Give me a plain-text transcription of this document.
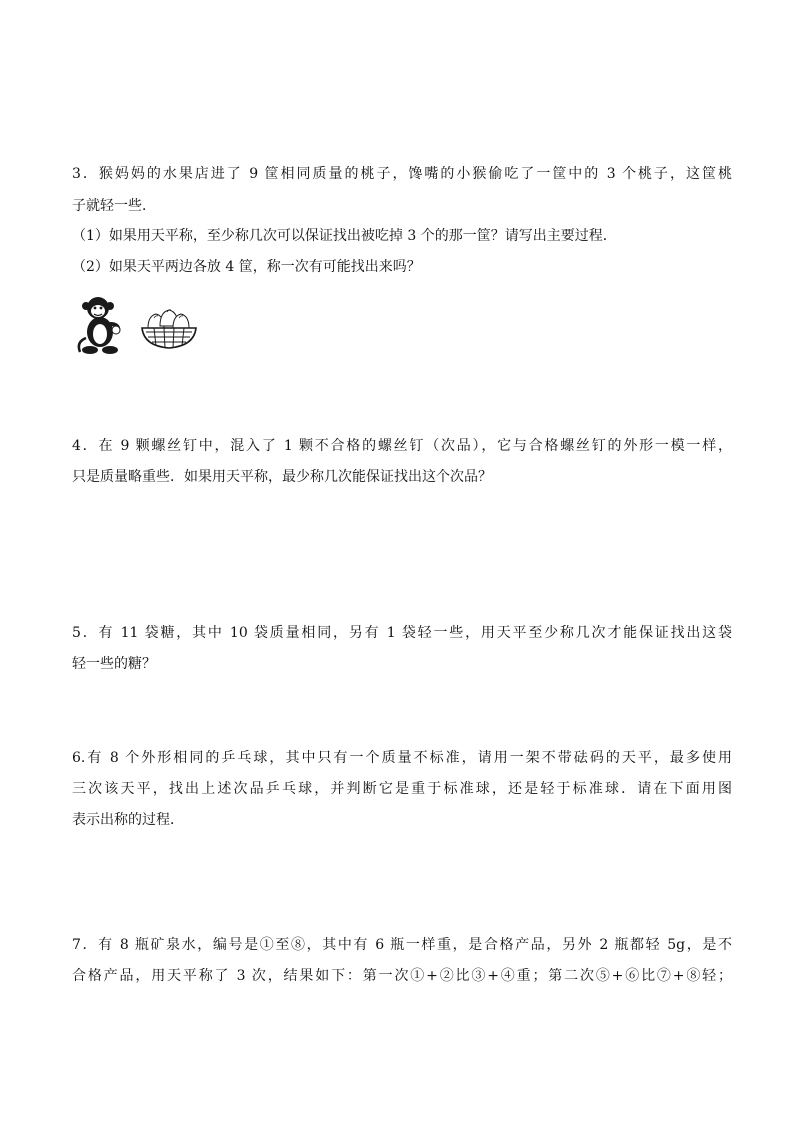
3．猴妈妈的水果店进了 9 筐相同质量的桃子，馋嘴的小猴偷吃了一筐中的 3 个桃子，这筐桃
子就轻一些．
（1）如果用天平称，至少称几次可以保证找出被吃掉 3 个的那一筐？请写出主要过程．
（2）如果天平两边各放 4 筐，称一次有可能找出来吗？
4．在 9 颗螺丝钉中，混入了 1 颗不合格的螺丝钉（次品），它与合格螺丝钉的外形一模一样，
只是质量略重些．如果用天平称，最少称几次能保证找出这个次品？
5．有 11 袋糖，其中 10 袋质量相同，另有 1 袋轻一些，用天平至少称几次才能保证找出这袋
轻一些的糖？
6.有 8 个外形相同的乒乓球，其中只有一个质量不标准，请用一架不带砝码的天平，最多使用
三次该天平，找出上述次品乒乓球，并判断它是重于标准球，还是轻于标准球．请在下面用图
表示出称的过程．
7．有 8 瓶矿泉水，编号是①至⑧，其中有 6 瓶一样重，是合格产品，另外 2 瓶都轻 5g，是不
合格产品，用天平称了 3 次，结果如下：第一次①+②比③+④重；第二次⑤+⑥比⑦+⑧轻；
